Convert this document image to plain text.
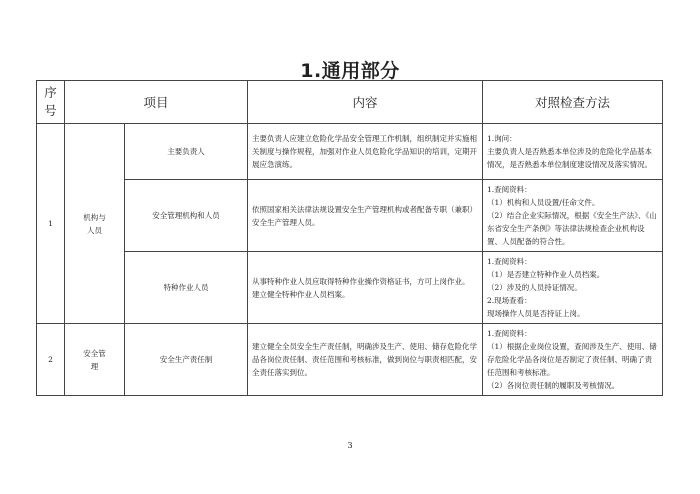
1.通用部分
序
号	项目		内容	对照检查方法
1	机构与
人员	主要负责人	主要负责人应建立危险化学品安全管理工作机制，组织制定并实施相关制度与操作规程，加强对作业人员危险化学品知识的培训，定期开展应急演练。	1.询问：
主要负责人是否熟悉本单位涉及的危险化学品基本情况，是否熟悉本单位制度建设情况及落实情况。
		安全管理机构和人员	依照国家相关法律法规设置安全生产管理机构或者配备专职（兼职）安全生产管理人员。	1.查阅资料：
（1）机构和人员设置/任命文件。
（2）结合企业实际情况，根据《安全生产法》、《山东省安全生产条例》等法律法规检查企业机构设置、人员配备的符合性。
		特种作业人员	从事特种作业人员应取得特种作业操作资格证书，方可上岗作业。
建立健全特种作业人员档案。	1.查阅资料：
（1）是否建立特种作业人员档案。
（2）涉及的人员持证情况。
2.现场查看：
现场操作人员是否持证上岗。
2	安全管
理	安全生产责任制	建立健全全员安全生产责任制，明确涉及生产、使用、储存危险化学品各岗位责任制、责任范围和考核标准，做到岗位与职责相匹配，安全责任落实到位。	1.查阅资料：
（1）根据企业岗位设置，查阅涉及生产、使用、储存危险化学品各岗位是否制定了责任制、明确了责任范围和考核标准。
（2）各岗位责任制的履职及考核情况。
3
